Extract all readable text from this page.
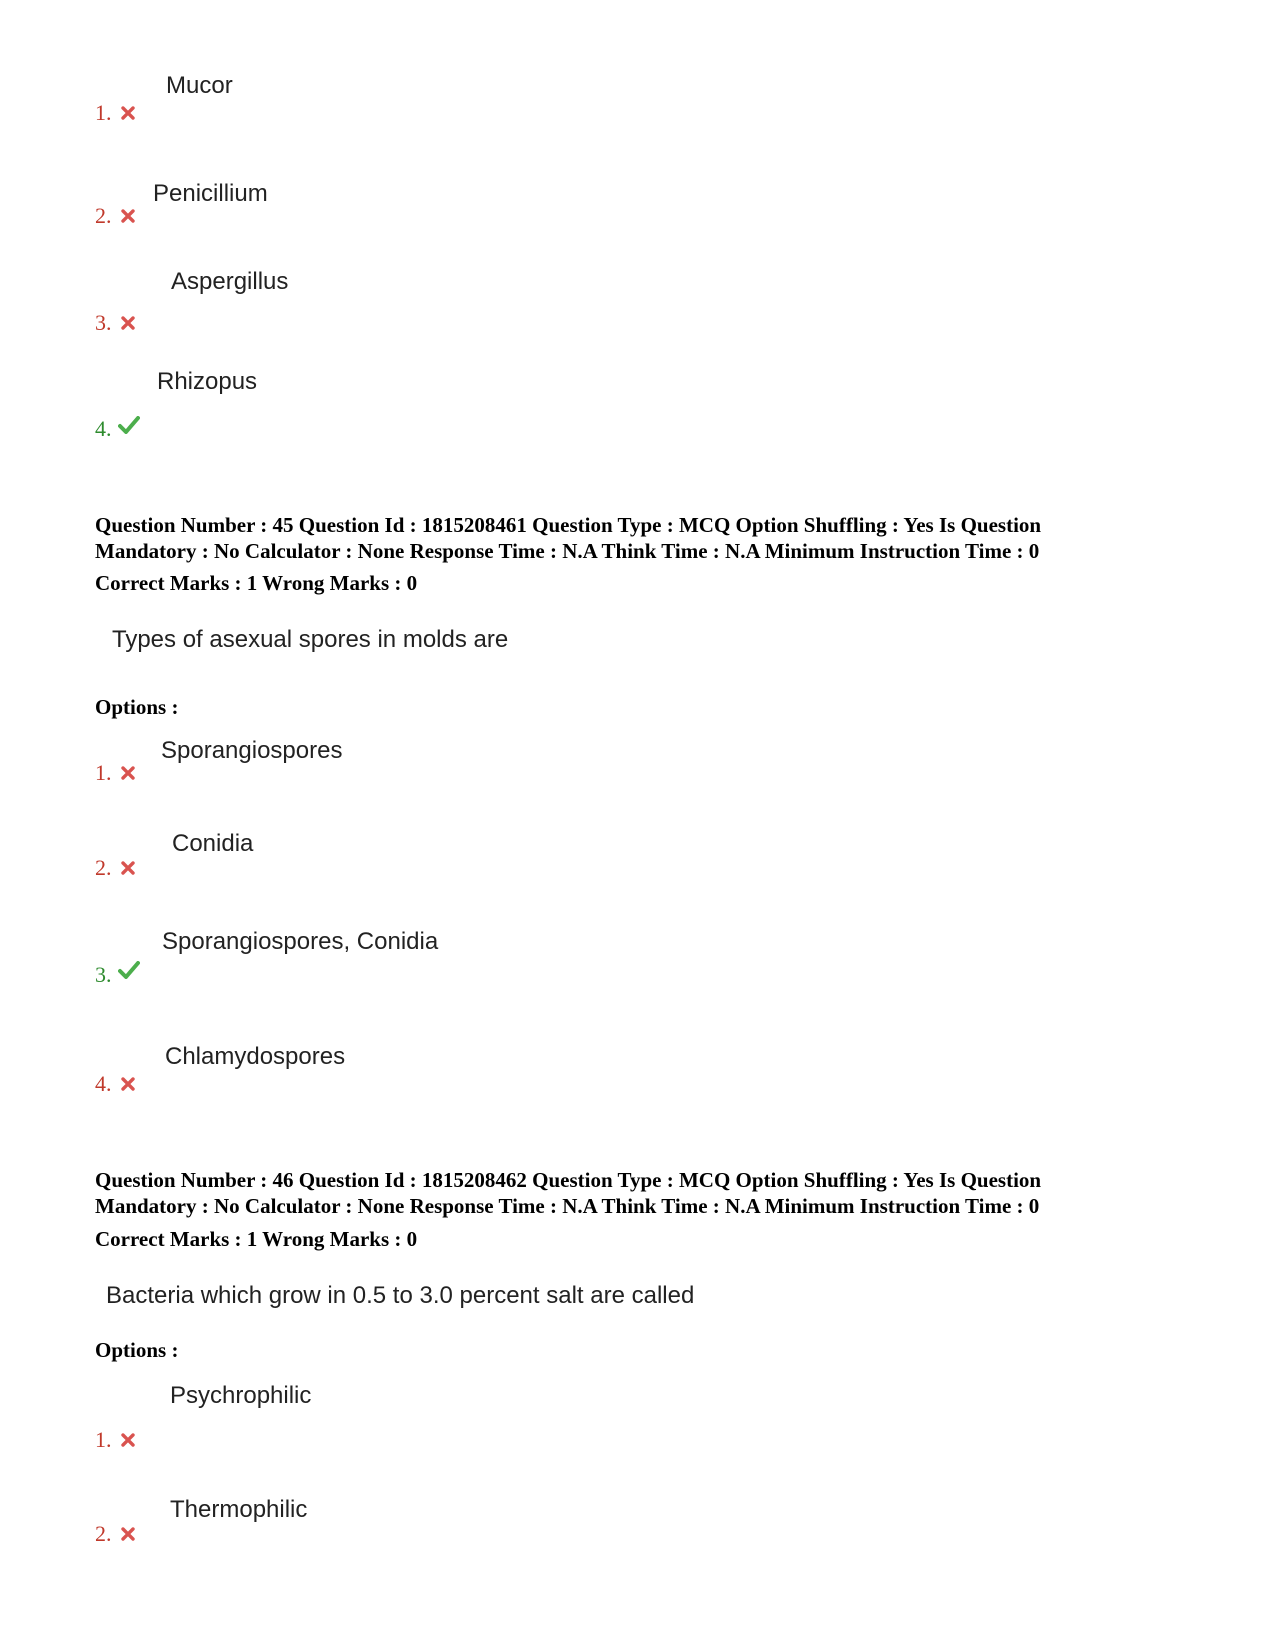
Mucor
1.
Penicillium
2.
Aspergillus
3.
Rhizopus
4.
Question Number : 45 Question Id : 1815208461 Question Type : MCQ Option Shuffling : Yes Is Question
Mandatory : No Calculator : None Response Time : N.A Think Time : N.A Minimum Instruction Time : 0
Correct Marks : 1 Wrong Marks : 0
Types of asexual spores in molds are
Options :
Sporangiospores
1.
Conidia
2.
Sporangiospores, Conidia
3.
Chlamydospores
4.
Question Number : 46 Question Id : 1815208462 Question Type : MCQ Option Shuffling : Yes Is Question
Mandatory : No Calculator : None Response Time : N.A Think Time : N.A Minimum Instruction Time : 0
Correct Marks : 1 Wrong Marks : 0
Bacteria which grow in 0.5 to 3.0 percent salt are called
Options :
Psychrophilic
1.
Thermophilic
2.
